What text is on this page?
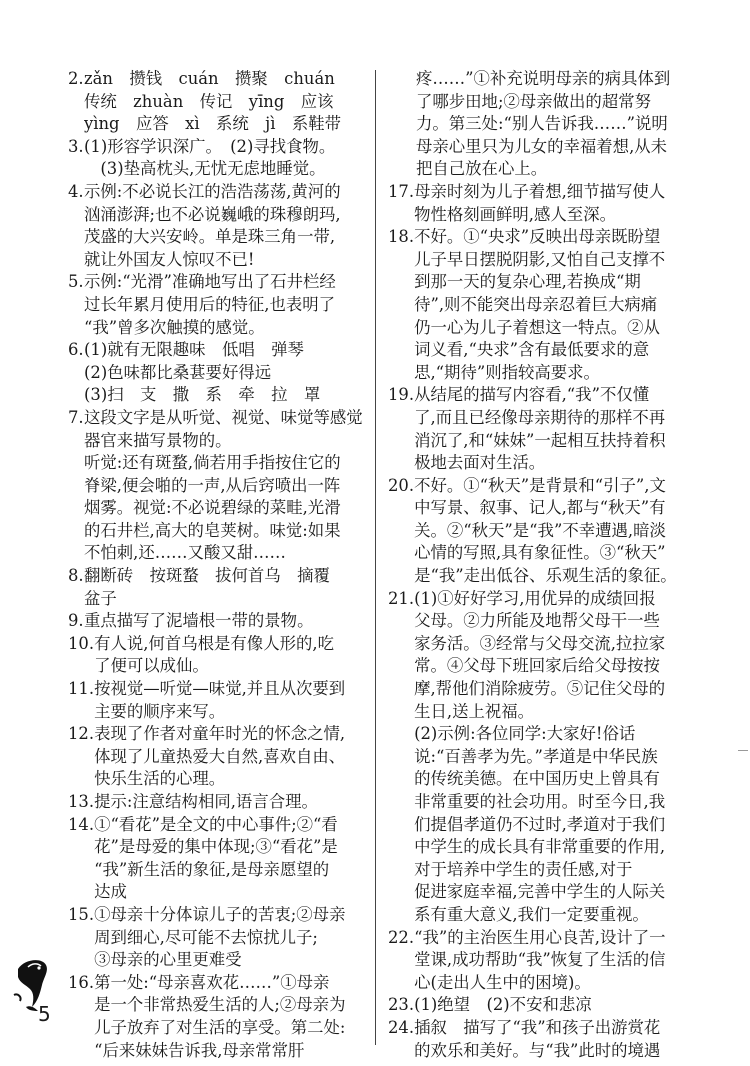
2. zǎn　攒钱　cuán　攒聚　chuán
传统　zhuàn　传记　yīng　应该
yìng　应答　xì　系统　jì　系鞋带
3. (1)形容学识深广。　(2)寻找食物。
　(3)垫高枕头,无忧无虑地睡觉。
4. 示例:不必说长江的浩浩荡荡,黄河的
汹涌澎湃;也不必说巍峨的珠穆朗玛,
茂盛的大兴安岭。单是珠三角一带,
就让外国友人惊叹不已!
5. 示例:“光滑”准确地写出了石井栏经
过长年累月使用后的特征,也表明了
“我”曾多次触摸的感觉。
6. (1)就有无限趣味　低唱　弹琴
(2)色味都比桑葚要好得远
(3)扫　支　撒　系　牵　拉　罩
7. 这段文字是从听觉、视觉、味觉等感觉
器官来描写景物的。
听觉:还有斑蝥,倘若用手指按住它的
脊梁,便会啪的一声,从后窍喷出一阵
烟雾。视觉:不必说碧绿的菜畦,光滑
的石井栏,高大的皂荚树。味觉:如果
不怕刺,还……又酸又甜……
8. 翻断砖　按斑蝥　拔何首乌　摘覆
盆子
9. 重点描写了泥墙根一带的景物。
10. 有人说,何首乌根是有像人形的,吃
了便可以成仙。
11. 按视觉—听觉—味觉,并且从次要到
主要的顺序来写。
12. 表现了作者对童年时光的怀念之情,
体现了儿童热爱大自然,喜欢自由、
快乐生活的心理。
13. 提示:注意结构相同,语言合理。
14. ①“看花”是全文的中心事件;②“看
花”是母爱的集中体现;③“看花”是
“我”新生活的象征,是母亲愿望的
达成
15. ①母亲十分体谅儿子的苦衷;②母亲
周到细心,尽可能不去惊扰儿子;
③母亲的心里更难受
16. 第一处:“母亲喜欢花……”①母亲
是一个非常热爱生活的人;②母亲为
儿子放弃了对生活的享受。第二处:
“后来妹妹告诉我,母亲常常肝
疼……”①补充说明母亲的病具体到
了哪步田地;②母亲做出的超常努
力。第三处:“别人告诉我……”说明
母亲心里只为儿女的幸福着想,从未
把自己放在心上。
17. 母亲时刻为儿子着想,细节描写使人
物性格刻画鲜明,感人至深。
18. 不好。①“央求”反映出母亲既盼望
儿子早日摆脱阴影,又怕自己支撑不
到那一天的复杂心理,若换成“期
待”,则不能突出母亲忍着巨大病痛
仍一心为儿子着想这一特点。②从
词义看,“央求”含有最低要求的意
思,“期待”则指较高要求。
19. 从结尾的描写内容看,“我”不仅懂
了,而且已经像母亲期待的那样不再
消沉了,和“妹妹”一起相互扶持着积
极地去面对生活。
20. 不好。①“秋天”是背景和“引子”,文
中写景、叙事、记人,都与“秋天”有
关。②“秋天”是“我”不幸遭遇,暗淡
心情的写照,具有象征性。③“秋天”
是“我”走出低谷、乐观生活的象征。
21. (1)①好好学习,用优异的成绩回报
父母。②力所能及地帮父母干一些
家务活。③经常与父母交流,拉拉家
常。④父母下班回家后给父母按按
摩,帮他们消除疲劳。⑤记住父母的
生日,送上祝福。
(2)示例:各位同学:大家好!俗话
说:“百善孝为先。”孝道是中华民族
的传统美德。在中国历史上曾具有
非常重要的社会功用。时至今日,我
们提倡孝道仍不过时,孝道对于我们
中学生的成长具有非常重要的作用,
对于培养中学生的责任感,对于
促进家庭幸福,完善中学生的人际关
系有重大意义,我们一定要重视。
22. “我”的主治医生用心良苦,设计了一
堂课,成功帮助“我”恢复了生活的信
心(走出人生中的困境)。
23. (1)绝望　(2)不安和悲凉
24. 插叙　描写了“我”和孩子出游赏花
的欢乐和美好。与“我”此时的境遇
5
